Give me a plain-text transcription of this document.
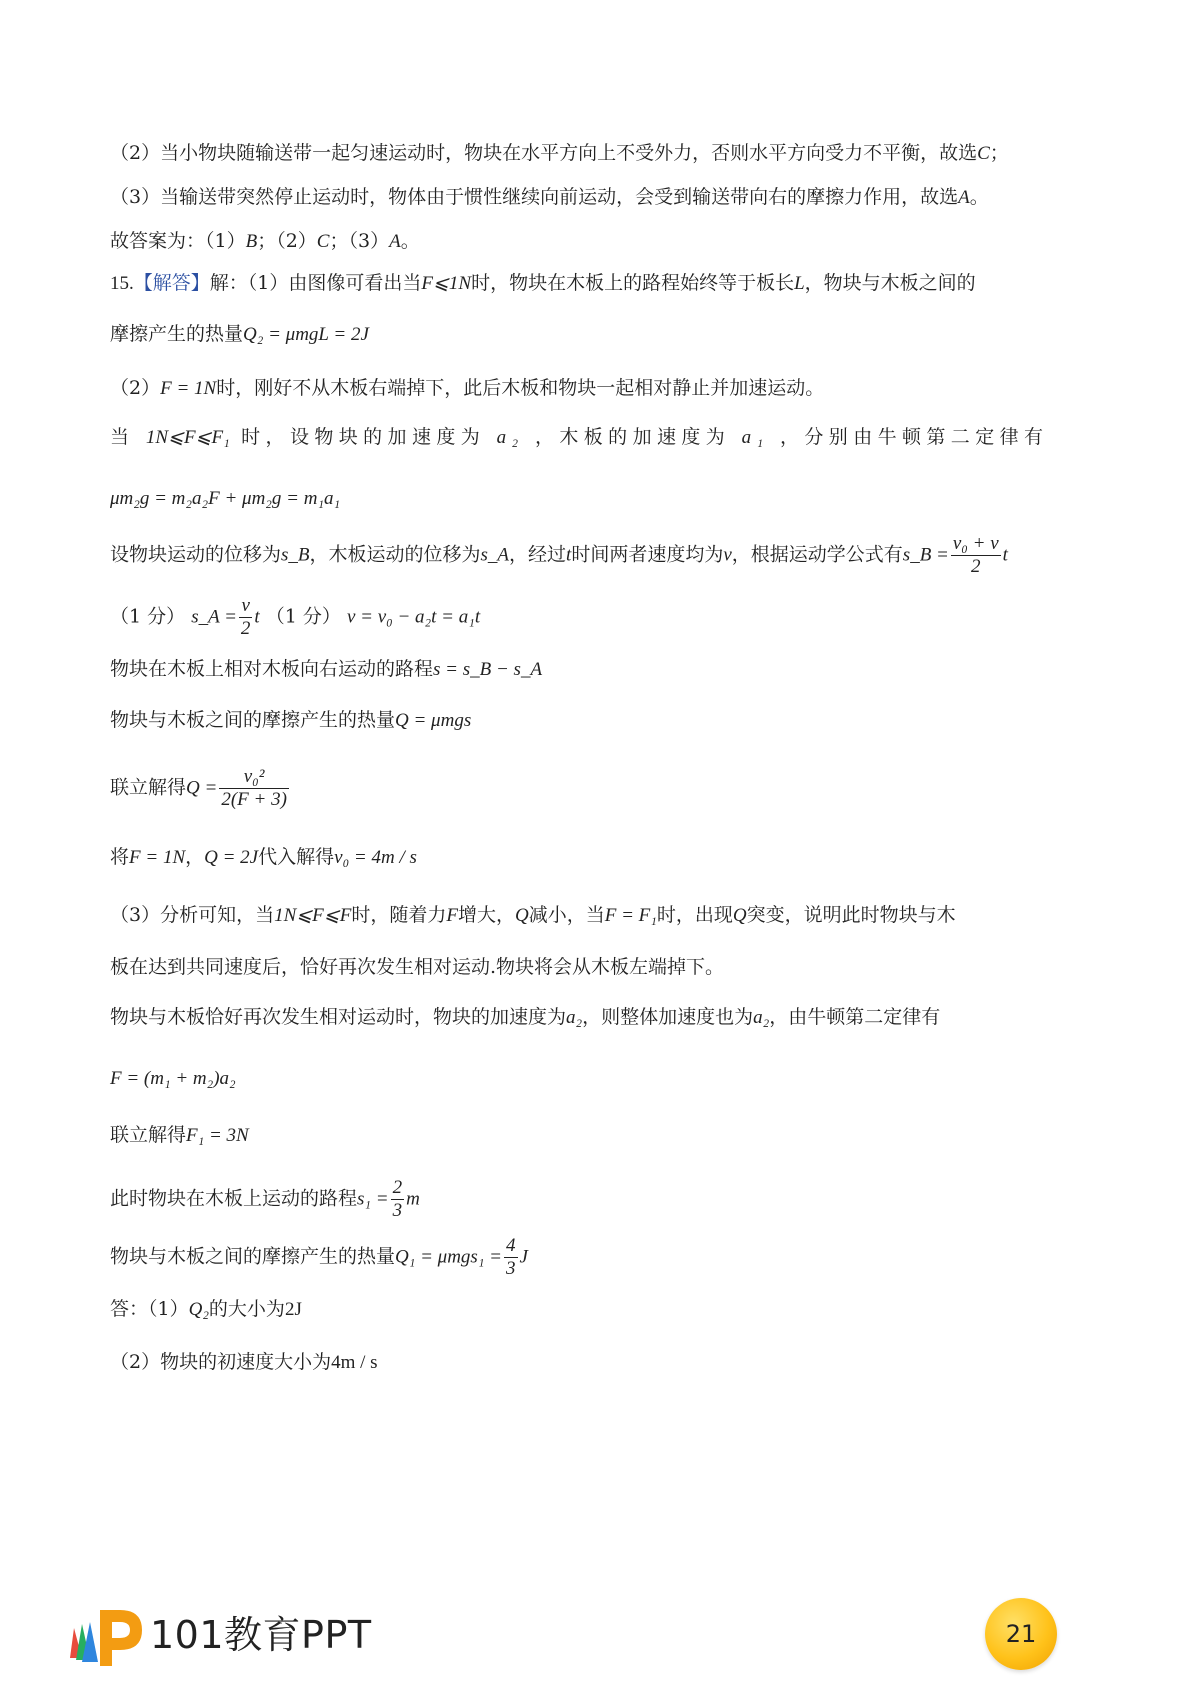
（2）当小物块随输送带一起匀速运动时，物块在水平方向上不受外力，否则水平方向受力不平衡，故选C；
（3）当输送带突然停止运动时，物体由于惯性继续向前运动，会受到输送带向右的摩擦力作用，故选A。
故答案为：（1）B；（2）C；（3）A。
15.【解答】解：（1）由图像可看出当F⩽1N时，物块在木板上的路程始终等于板长L，物块与木板之间的
摩擦产生的热量Q₂ = μmgL = 2J
（2）F = 1N时，刚好不从木板右端掉下，此后木板和物块一起相对静止并加速运动。
当 1N⩽F⩽F₁ 时，设物块的加速度为 a₂ ，木板的加速度为 a₁ ，分别由牛顿第二定律有
μm₂g = m₂a₂F + μm₂g = m₁a₁
设物块运动的位移为s_B，木板运动的位移为s_A，经过t时间两者速度均为v，根据运动学公式有s_B = $\frac{\text{v₀ + v}}{2}$ t
（1 分） s_A = $\frac{v}{2}$ t （1 分） v = v₀ − a₂t = a₁t
物块在木板上相对木板向右运动的路程s = s_B − s_A
物块与木板之间的摩擦产生的热量Q = μmgs
联立解得$Q = \frac{\text{v₀²}}{2(F + 3)}$
将F = 1N，Q = 2J代入解得v₀ = 4m / s
（3）分析可知，当1N⩽F⩽F时，随着力F增大，Q减小，当F = F₁时，出现Q突变，说明此时物块与木
板在达到共同速度后，恰好再次发生相对运动.物块将会从木板左端掉下。
物块与木板恰好再次发生相对运动时，物块的加速度为a₂，则整体加速度也为a₂，由牛顿第二定律有
F = (m₁ + m₂)a₂
联立解得F₁ = 3N
此时物块在木板上运动的路程$s_1 = \frac{2}{3}$ m
物块与木板之间的摩擦产生的热量$Q_1 = \mu mgs_1 = \frac{4}{3}$ J
答：（1）Q₂的大小为2J
（2）物块的初速度大小为4m / s
101教育PPT	21
